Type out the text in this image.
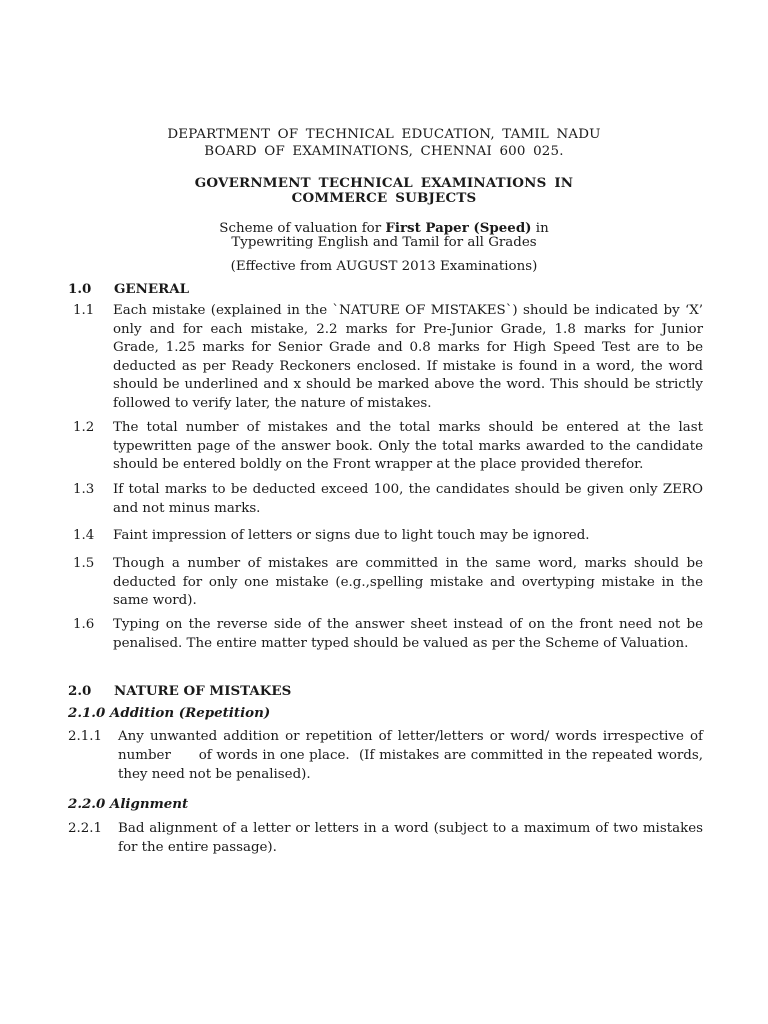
DEPARTMENT OF TECHNICAL EDUCATION, TAMIL NADU
BOARD OF EXAMINATIONS, CHENNAI 600 025.
GOVERNMENT TECHNICAL EXAMINATIONS IN
COMMERCE SUBJECTS
Scheme of valuation for First Paper (Speed) in
Typewriting English and Tamil for all Grades
(Effective from AUGUST 2013 Examinations)
1.0 GENERAL
1.1	Each mistake (explained in the `NATURE OF MISTAKES`) should be indicated by ‘X’ only and for each mistake, 2.2 marks for Pre-Junior Grade, 1.8 marks for Junior Grade, 1.25 marks for Senior Grade and 0.8 marks for High Speed Test are to be deducted as per Ready Reckoners enclosed. If mistake is found in a word, the word should be underlined and x should be marked above the word. This should be strictly followed to verify later, the nature of mistakes.
1.2	The total number of mistakes and the total marks should be entered at the last typewritten page of the answer book. Only the total marks awarded to the candidate should be entered boldly on the Front wrapper at the place provided therefor.
1.3	If total marks to be deducted exceed 100, the candidates should be given only ZERO and not minus marks.
1.4	Faint impression of letters or signs due to light touch may be ignored.
1.5	Though a number of mistakes are committed in the same word, marks should be deducted for only one mistake (e.g.,spelling mistake and overtyping mistake in the same word).
1.6	Typing on the reverse side of the answer sheet instead of on the front need not be penalised. The entire matter typed should be valued as per the Scheme of Valuation.
2.0 NATURE OF MISTAKES
2.1.0 Addition (Repetition)
2.1.1	Any unwanted addition or repetition of letter/letters or word/ words irrespective of number      of words in one place.  (If mistakes are committed in the repeated words, they need not be penalised).
2.2.0 Alignment
2.2.1	Bad alignment of a letter or letters in a word (subject to a maximum of two mistakes for the entire passage).
